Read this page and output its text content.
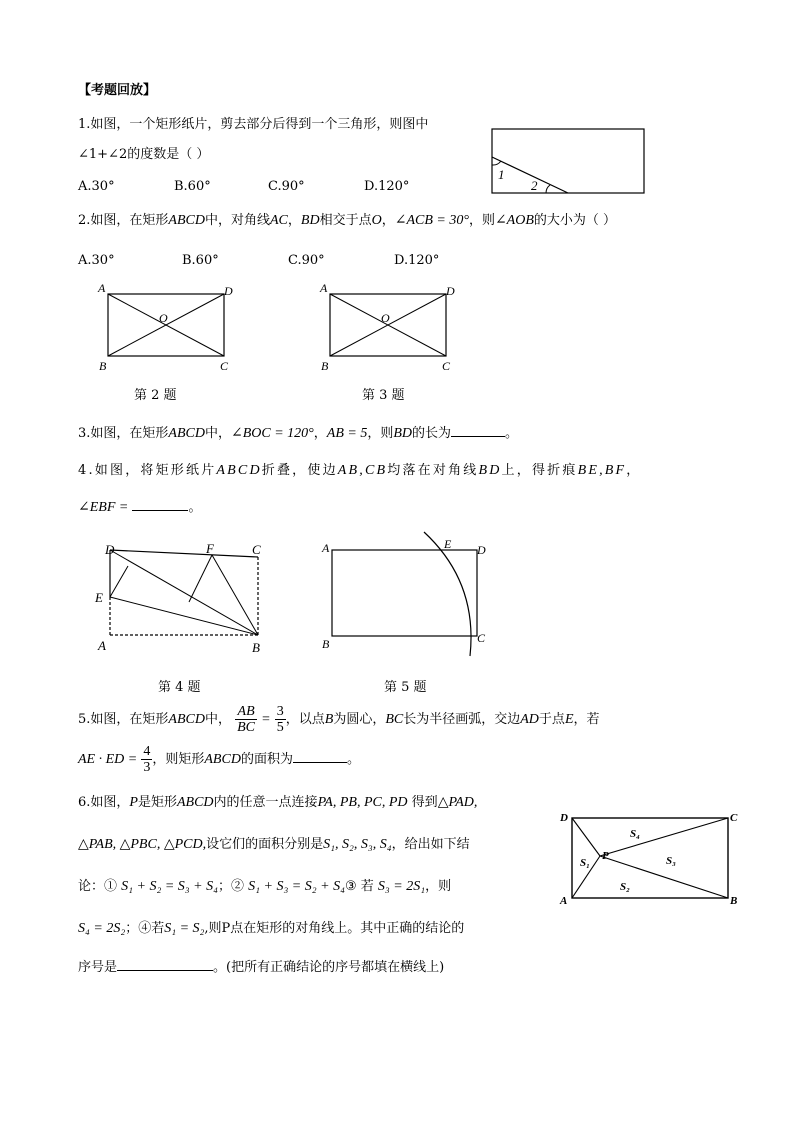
【考题回放】
1.如图，一个矩形纸片，剪去部分后得到一个三角形，则图中
∠1+∠2的度数是（ ）
A.30°	B.60°	C.90°	D.120°
1
2
2.如图，在矩形ABCD中，对角线AC，BD相交于点O，∠ACB = 30°，则∠AOB的大小为（ ）
A.30°	B.60°	C.90°	D.120°
A	D
O
B	C
第 2 题
A	D
O
B	C
第 3 题
3.如图，在矩形ABCD中，∠BOC = 120°，AB = 5，则BD的长为	。
4.如图，将矩形纸片ABCD折叠，使边AB,CB均落在对角线BD上，得折痕BE,BF，
∠EBF =	。
D	F	C
E
A	B
第 4 题
A	E D
B	C
第 5 题
5.如图，在矩形ABCD中， $\frac{AB}{BC} = \frac{3}{5}$ ，以点B为圆心，BC长为半径画弧，交边AD于点E，若
AE · ED = $\frac{4}{3}$ ，则矩形ABCD的面积为	。
6.如图，P是矩形ABCD内的任意一点连接PA, PB, PC, PD 得到△PAD,
△PAB, △PBC, △PCD,设它们的面积分别是S₁, S₂, S₃, S₄，给出如下结
论：① S₁ + S₂ = S₃ + S₄；② S₁ + S₃ = S₂ + S₄③ 若 S₃ = 2S₁，则
S₄ = 2S₂；④若S₁ = S₂,则P点在矩形的对角线上。其中正确的结论的
序号是	。(把所有正确结论的序号都填在横线上)
D	C
A	B
P
S₁
S₂
S₃
S₄
